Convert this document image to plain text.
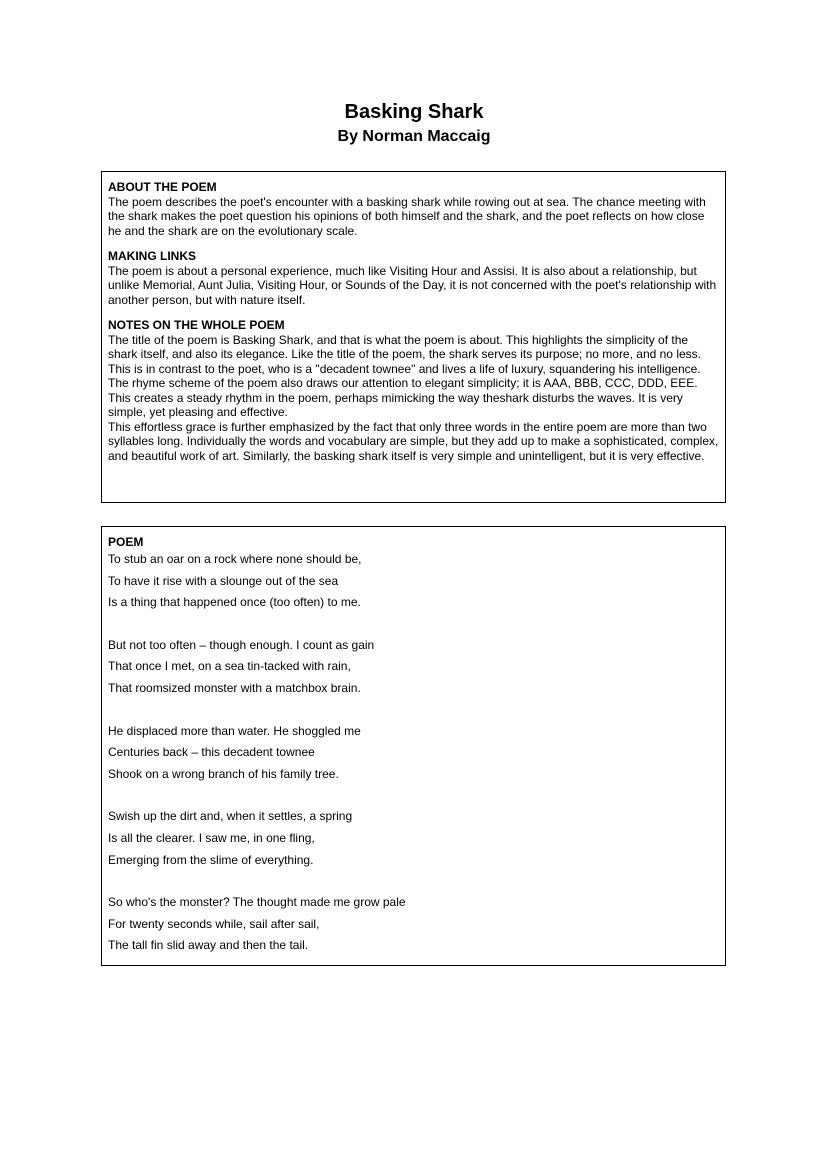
Basking Shark
By Norman Maccaig
ABOUT THE POEM

The poem describes the poet's encounter with a basking shark while rowing out at sea. The chance meeting with the shark makes the poet question his opinions of both himself and the shark, and the poet reflects on how close he and the shark are on the evolutionary scale.

MAKING LINKS

The poem is about a personal experience, much like Visiting Hour and Assisi. It is also about a relationship, but unlike Memorial, Aunt Julia, Visiting Hour, or Sounds of the Day, it is not concerned with the poet's relationship with another person, but with nature itself.

NOTES ON THE WHOLE POEM

The title of the poem is Basking Shark, and that is what the poem is about. This highlights the simplicity of the shark itself, and also its elegance. Like the title of the poem, the shark serves its purpose; no more, and no less. This is in contrast to the poet, who is a "decadent townee" and lives a life of luxury, squandering his intelligence.

The rhyme scheme of the poem also draws our attention to elegant simplicity; it is AAA, BBB, CCC, DDD, EEE. This creates a steady rhythm in the poem, perhaps mimicking the way theshark disturbs the waves. It is very simple, yet pleasing and effective.

This effortless grace is further emphasized by the fact that only three words in the entire poem are more than two syllables long. Individually the words and vocabulary are simple, but they add up to make a sophisticated, complex, and beautiful work of art. Similarly, the basking shark itself is very simple and unintelligent, but it is very effective.

POEM
To stub an oar on a rock where none should be,
To have it rise with a slounge out of the sea
Is a thing that happened once (too often) to me.
But not too often – though enough. I count as gain
That once I met, on a sea tin-tacked with rain,
That roomsized monster with a matchbox brain.
He displaced more than water. He shoggled me
Centuries back – this decadent townee
Shook on a wrong branch of his family tree.
Swish up the dirt and, when it settles, a spring
Is all the clearer. I saw me, in one fling,
Emerging from the slime of everything.
So who's the monster? The thought made me grow pale
For twenty seconds while, sail after sail,
The tall fin slid away and then the tail.
